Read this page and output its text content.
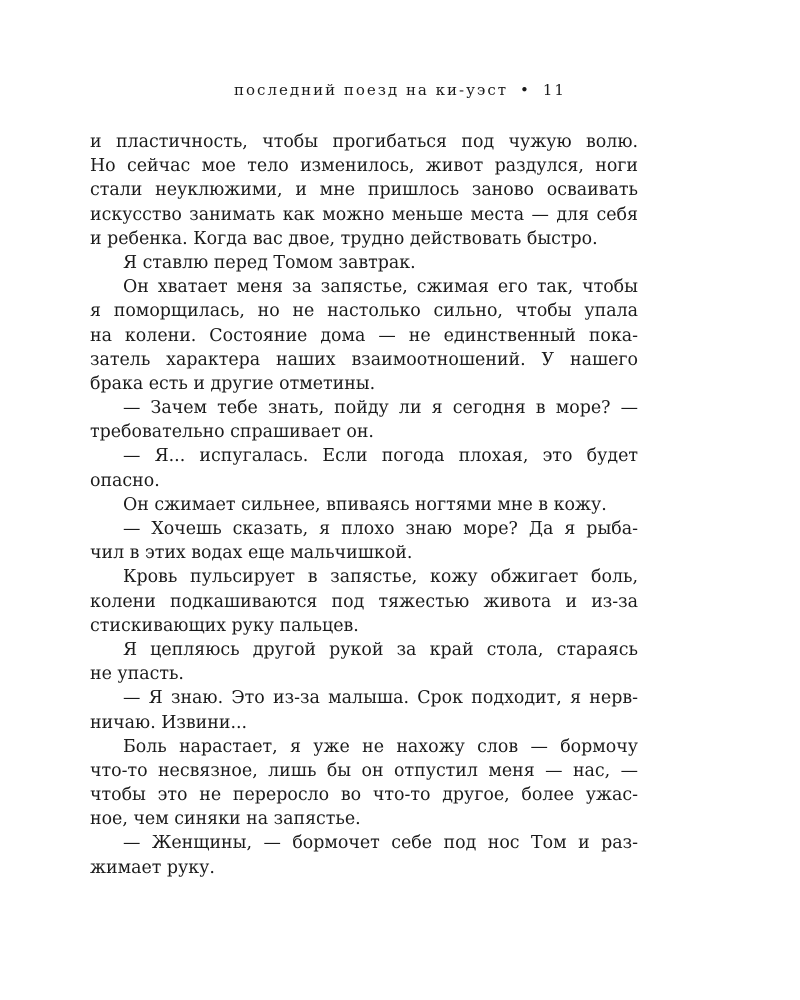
последний поезд на ки-уэст • 11
и пластичность, чтобы прогибаться под чужую волю.
Но сейчас мое тело изменилось, живот раздулся, ноги
стали неуклюжими, и мне пришлось заново осваивать
искусство занимать как можно меньше места — для себя
и ребенка. Когда вас двое, трудно действовать быстро.
Я ставлю перед Томом завтрак.
Он хватает меня за запястье, сжимая его так, чтобы
я поморщилась, но не настолько сильно, чтобы упала
на колени. Состояние дома — не единственный пока-
затель характера наших взаимоотношений. У нашего
брака есть и другие отметины.
— Зачем тебе знать, пойду ли я сегодня в море? —
требовательно спрашивает он.
— Я... испугалась. Если погода плохая, это будет
опасно.
Он сжимает сильнее, впиваясь ногтями мне в кожу.
— Хочешь сказать, я плохо знаю море? Да я рыба-
чил в этих водах еще мальчишкой.
Кровь пульсирует в запястье, кожу обжигает боль,
колени подкашиваются под тяжестью живота и из-за
стискивающих руку пальцев.
Я цепляюсь другой рукой за край стола, стараясь
не упасть.
— Я знаю. Это из-за малыша. Срок подходит, я нерв-
ничаю. Извини...
Боль нарастает, я уже не нахожу слов — бормочу
что-то несвязное, лишь бы он отпустил меня — нас, —
чтобы это не переросло во что-то другое, более ужас-
ное, чем синяки на запястье.
— Женщины, — бормочет себе под нос Том и раз-
жимает руку.
